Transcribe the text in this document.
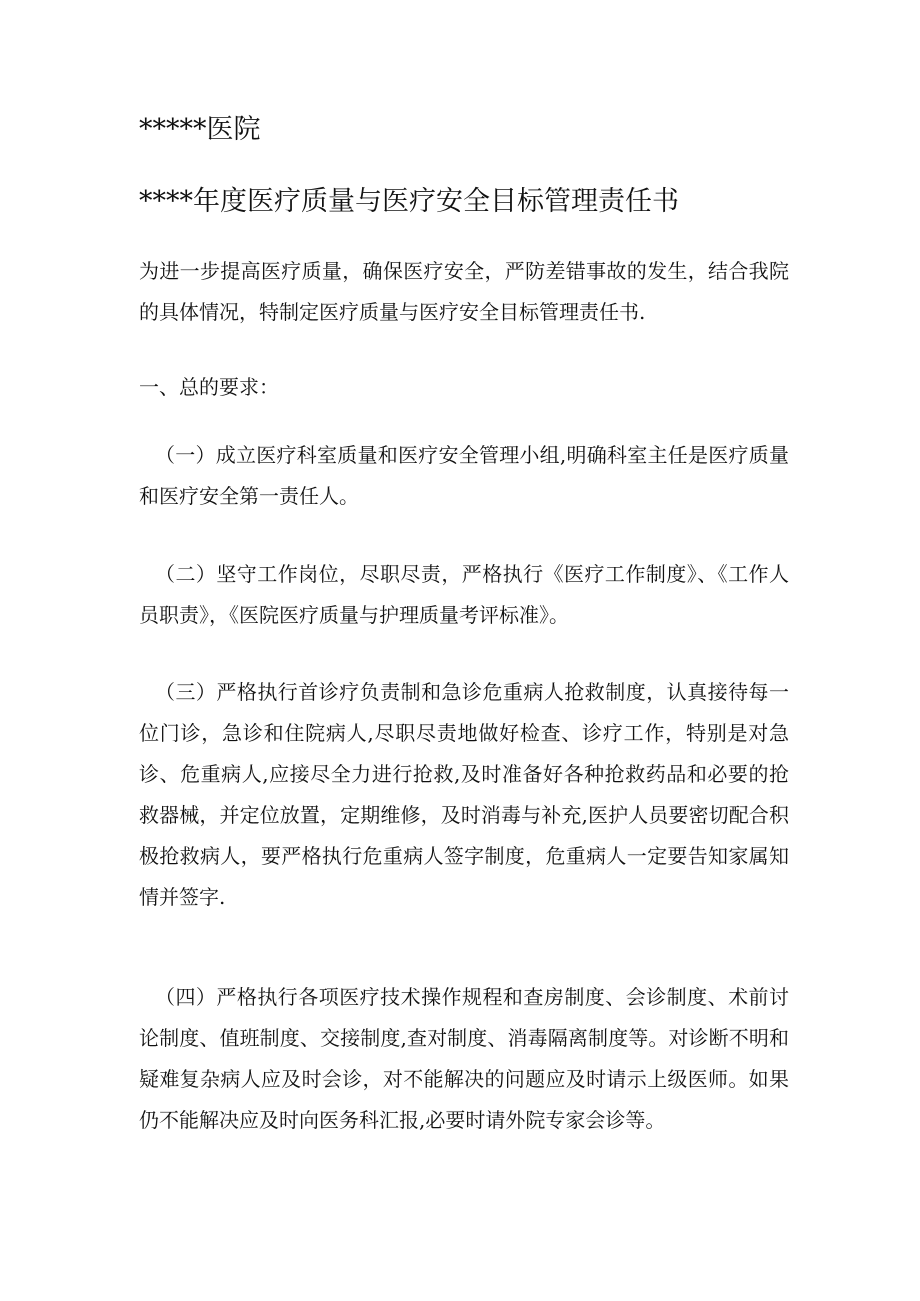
*****医院
****年度医疗质量与医疗安全目标管理责任书

为进一步提高医疗质量，确保医疗安全，严防差错事故的发生，结合我院的具体情况，特制定医疗质量与医疗安全目标管理责任书.

一、总的要求：

（一）成立医疗科室质量和医疗安全管理小组,明确科室主任是医疗质量和医疗安全第一责任人。

（二）坚守工作岗位，尽职尽责，严格执行《医疗工作制度》、《工作人员职责》，《医院医疗质量与护理质量考评标准》。

（三）严格执行首诊疗负责制和急诊危重病人抢救制度，认真接待每一位门诊，急诊和住院病人,尽职尽责地做好检查、诊疗工作，特别是对急诊、危重病人,应接尽全力进行抢救,及时准备好各种抢救药品和必要的抢救器械，并定位放置，定期维修，及时消毒与补充,医护人员要密切配合积极抢救病人，要严格执行危重病人签字制度，危重病人一定要告知家属知情并签字.

（四）严格执行各项医疗技术操作规程和查房制度、会诊制度、术前讨论制度、值班制度、交接制度,查对制度、消毒隔离制度等。对诊断不明和疑难复杂病人应及时会诊，对不能解决的问题应及时请示上级医师。如果仍不能解决应及时向医务科汇报,必要时请外院专家会诊等。
